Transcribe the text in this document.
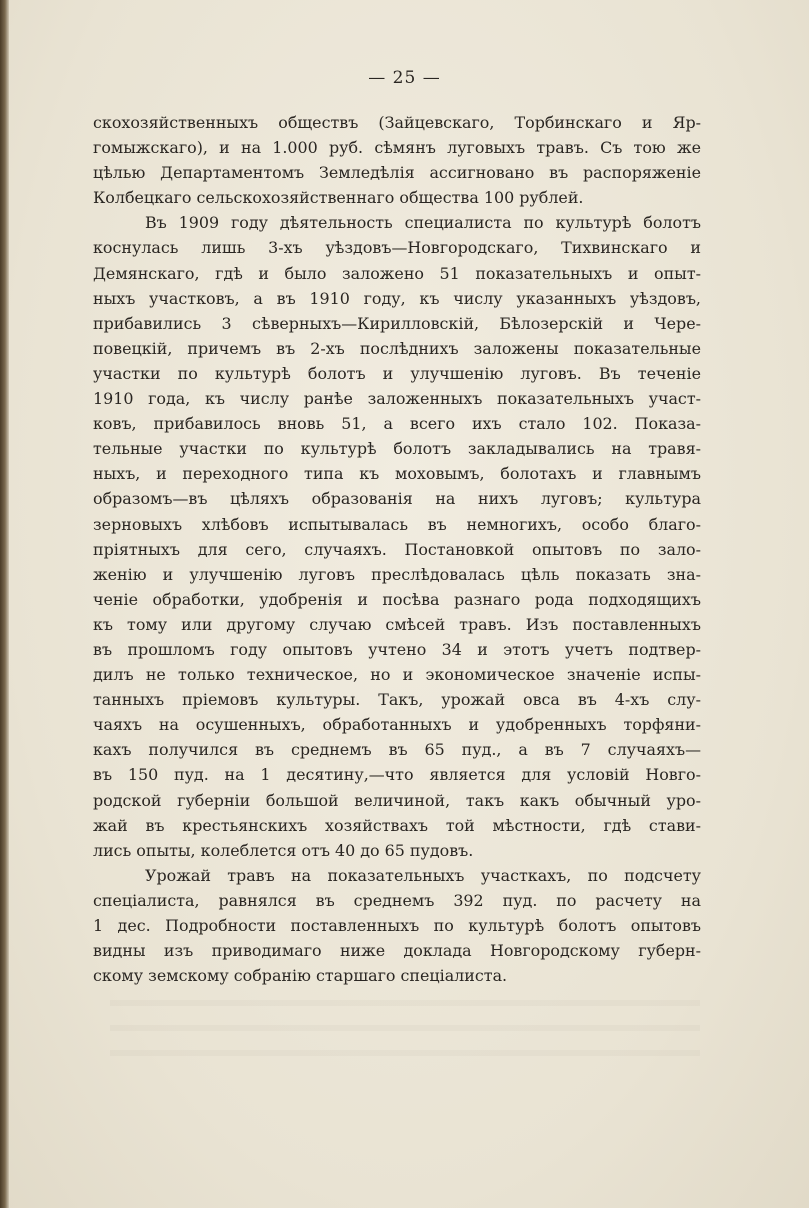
— 25 —
скохозяйственныхъ обществъ (Зайцевскаго, Торбинскаго и Яр-
гомыжскаго), и на 1.000 руб. сѣмянъ луговыхъ травъ. Съ тою же
цѣлью Департаментомъ Земледѣлія ассигновано въ распоряженіе
Колбецкаго сельскохозяйственнаго общества 100 рублей.
Въ 1909 году дѣятельность специалиста по культурѣ болотъ
коснулась лишь 3-хъ уѣздовъ—Новгородскаго, Тихвинскаго и
Демянскаго, гдѣ и было заложено 51 показательныхъ и опыт-
ныхъ участковъ, а въ 1910 году, къ числу указанныхъ уѣздовъ,
прибавились 3 сѣверныхъ—Кирилловскій, Бѣлозерскій и Чере-
повецкій, причемъ въ 2-хъ послѣднихъ заложены показательные
участки по культурѣ болотъ и улучшенію луговъ. Въ теченіе
1910 года, къ числу ранѣе заложенныхъ показательныхъ участ-
ковъ, прибавилось вновь 51, а всего ихъ стало 102. Показа-
тельные участки по культурѣ болотъ закладывались на травя-
ныхъ, и переходного типа къ моховымъ, болотахъ и главнымъ
образомъ—въ цѣляхъ образованія на нихъ луговъ; культура
зерновыхъ хлѣбовъ испытывалась въ немногихъ, особо благо-
пріятныхъ для сего, случаяхъ. Постановкой опытовъ по зало-
женію и улучшенію луговъ преслѣдовалась цѣль показать зна-
ченіе обработки, удобренія и посѣва разнаго рода подходящихъ
къ тому или другому случаю смѣсей травъ. Изъ поставленныхъ
въ прошломъ году опытовъ учтено 34 и этотъ учетъ подтвер-
дилъ не только техническое, но и экономическое значеніе испы-
танныхъ пріемовъ культуры. Такъ, урожай овса въ 4-хъ слу-
чаяхъ на осушенныхъ, обработанныхъ и удобренныхъ торфяни-
кахъ получился въ среднемъ въ 65 пуд., а въ 7 случаяхъ—
въ 150 пуд. на 1 десятину,—что является для условій Новго-
родской губерніи большой величиной, такъ какъ обычный уро-
жай въ крестьянскихъ хозяйствахъ той мѣстности, гдѣ стави-
лись опыты, колеблется отъ 40 до 65 пудовъ.
Урожай травъ на показательныхъ участкахъ, по подсчету
спеціалиста, равнялся въ среднемъ 392 пуд. по расчету на
1 дес. Подробности поставленныхъ по культурѣ болотъ опытовъ
видны изъ приводимаго ниже доклада Новгородскому губерн-
скому земскому собранію старшаго спеціалиста.
